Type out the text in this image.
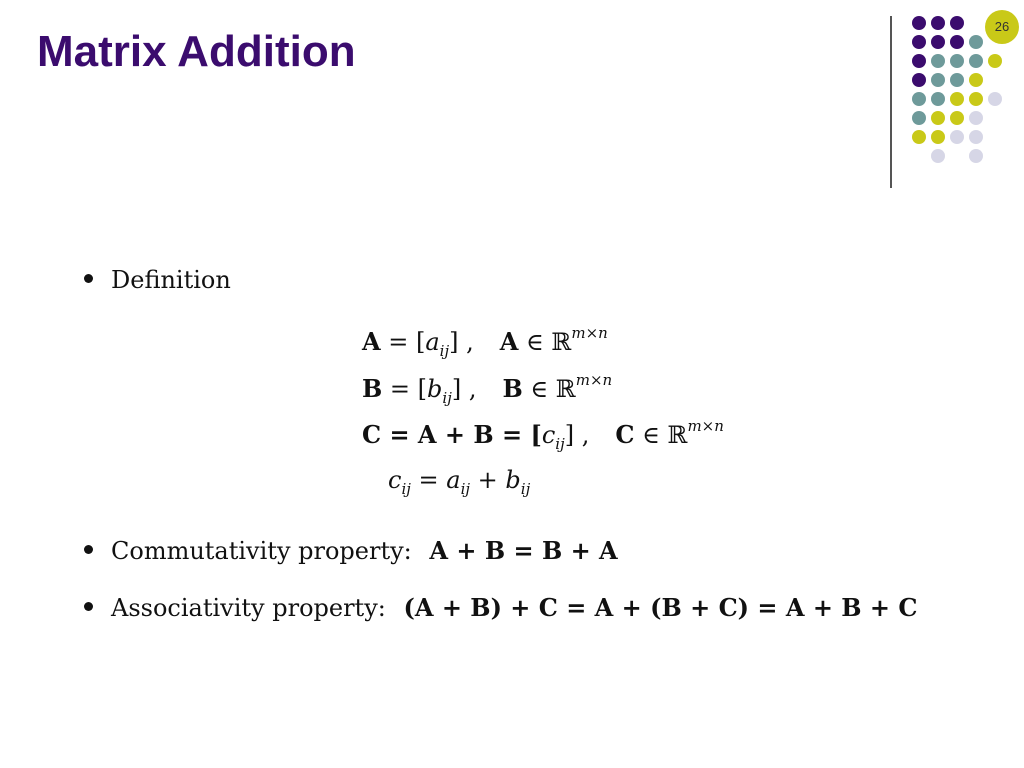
Matrix Addition
26
Definition
$A = [a_{ij}]$ , A ∈ ℝ$^{m\times n}$
$B = [b_{ij}]$ , B ∈ ℝ$^{m\times n}$
$C = A + B = [c_{ij}]$ , C ∈ ℝ$^{m\times n}$
$c_{ij} = a_{ij} + b_{ij}$
Commutativity property: A + B = B + A
Associativity property: (A + B) + C = A + (B + C) = A + B + C
